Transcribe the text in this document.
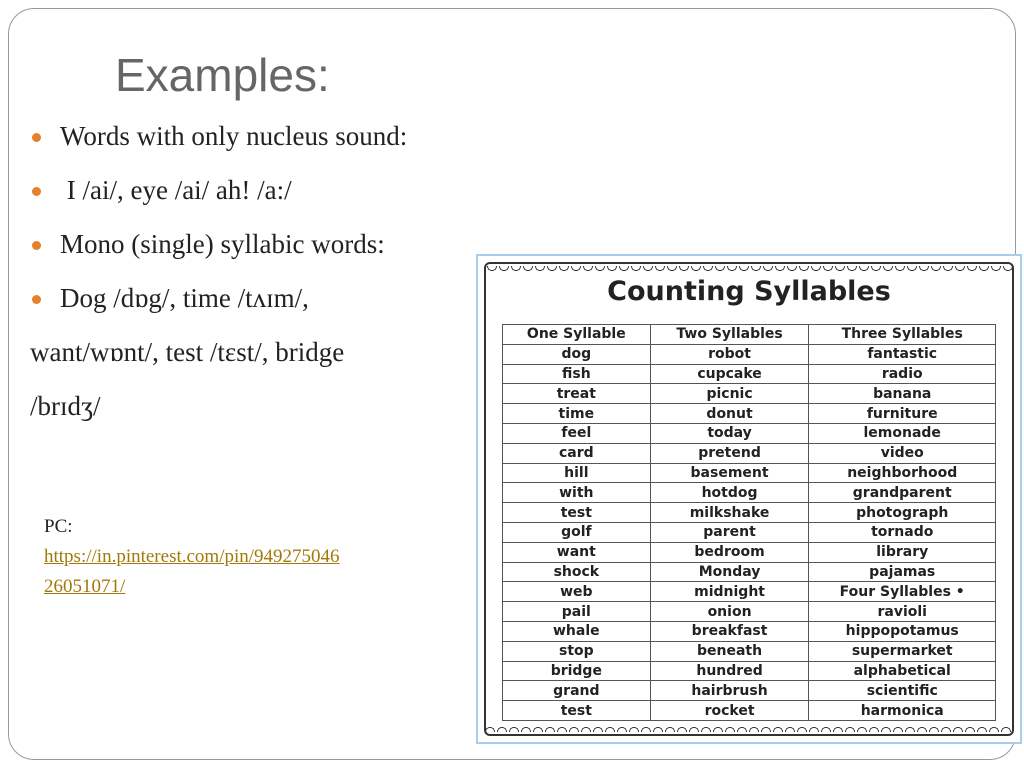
Examples:
Words with only nucleus sound:
I /ai/, eye /ai/ ah! /a:/
Mono (single) syllabic words:
Dog /dɒg/, time /tʌɪm/,
want/wɒnt/, test /tɛst/, bridge
/brɪdʒ/
PC:
https://in.pinterest.com/pin/949275046
26051071/
Counting Syllables
One Syllable	Two Syllables	Three Syllables
dog	robot	fantastic
fish	cupcake	radio
treat	picnic	banana
time	donut	furniture
feel	today	lemonade
card	pretend	video
hill	basement	neighborhood
with	hotdog	grandparent
test	milkshake	photograph
golf	parent	tornado
want	bedroom	library
shock	Monday	pajamas
web	midnight	Four Syllables •
pail	onion	ravioli
whale	breakfast	hippopotamus
stop	beneath	supermarket
bridge	hundred	alphabetical
grand	hairbrush	scientific
test	rocket	harmonica
